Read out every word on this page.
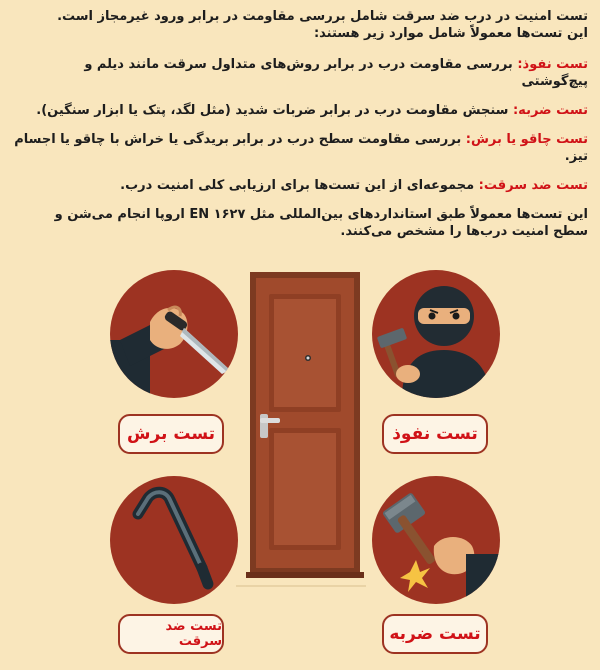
تست امنیت در درب ضد سرقت شامل بررسی مقاومت در برابر ورود غیرمجاز است.
این تست‌ها معمولاً شامل موارد زیر هستند:
تست نفوذ: بررسی مقاومت درب در برابر روش‌های متداول سرقت مانند دیلم و پیچ‌گوشتی
تست ضربه: سنجش مقاومت درب در برابر ضربات شدید (مثل لگد، پتک یا ابزار سنگین).
تست چاقو یا برش: بررسی مقاومت سطح درب در برابر بریدگی یا خراش با چاقو یا اجسام تیز.
تست ضد سرقت: مجموعه‌ای از این تست‌ها برای ارزیابی کلی امنیت درب.
این تست‌ها معمولاً طبق استانداردهای بین‌المللی مثل EN ۱۶۲۷ اروپا انجام می‌شن و
سطح امنیت درب‌ها را مشخص می‌کنند.
تست برش	تست نفوذ
تست ضد سرقت	تست ضربه
